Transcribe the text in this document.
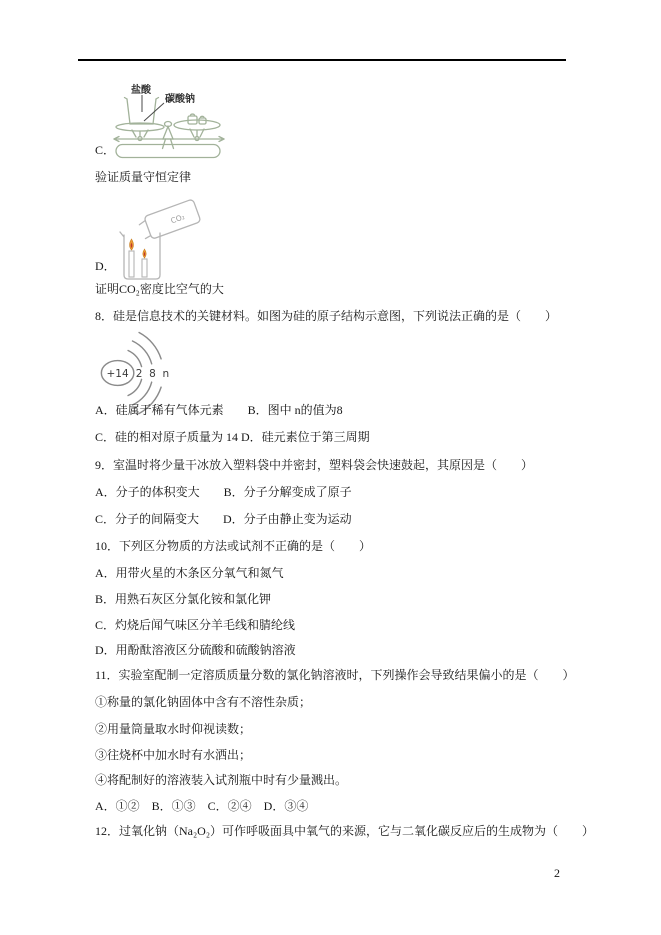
盐酸
碳酸钠
C．
验证质量守恒定律
CO₂
D．
证明CO₂密度比空气的大
8．硅是信息技术的关键材料。如图为硅的原子结构示意图，下列说法正确的是（　　）
+14 2 8 n
A．硅属于稀有气体元素　　B．图中 n的值为8
C．硅的相对原子质量为 14 D．硅元素位于第三周期
9．室温时将少量干冰放入塑料袋中并密封，塑料袋会快速鼓起，其原因是（　　）
A．分子的体积变大　　B．分子分解变成了原子
C．分子的间隔变大　　D．分子由静止变为运动
10．下列区分物质的方法或试剂不正确的是（　　）
A．用带火星的木条区分氧气和氮气
B．用熟石灰区分氯化铵和氯化钾
C．灼烧后闻气味区分羊毛线和腈纶线
D．用酚酞溶液区分硫酸和硫酸钠溶液
11．实验室配制一定溶质质量分数的氯化钠溶液时，下列操作会导致结果偏小的是（　　）
①称量的氯化钠固体中含有不溶性杂质；
②用量筒量取水时仰视读数；
③往烧杯中加水时有水洒出；
④将配制好的溶液装入试剂瓶中时有少量溅出。
A．①②　B．①③　C．②④　D．③④
12．过氧化钠（Na₂O₂）可作呼吸面具中氧气的来源，它与二氧化碳反应后的生成物为（　　）
2
